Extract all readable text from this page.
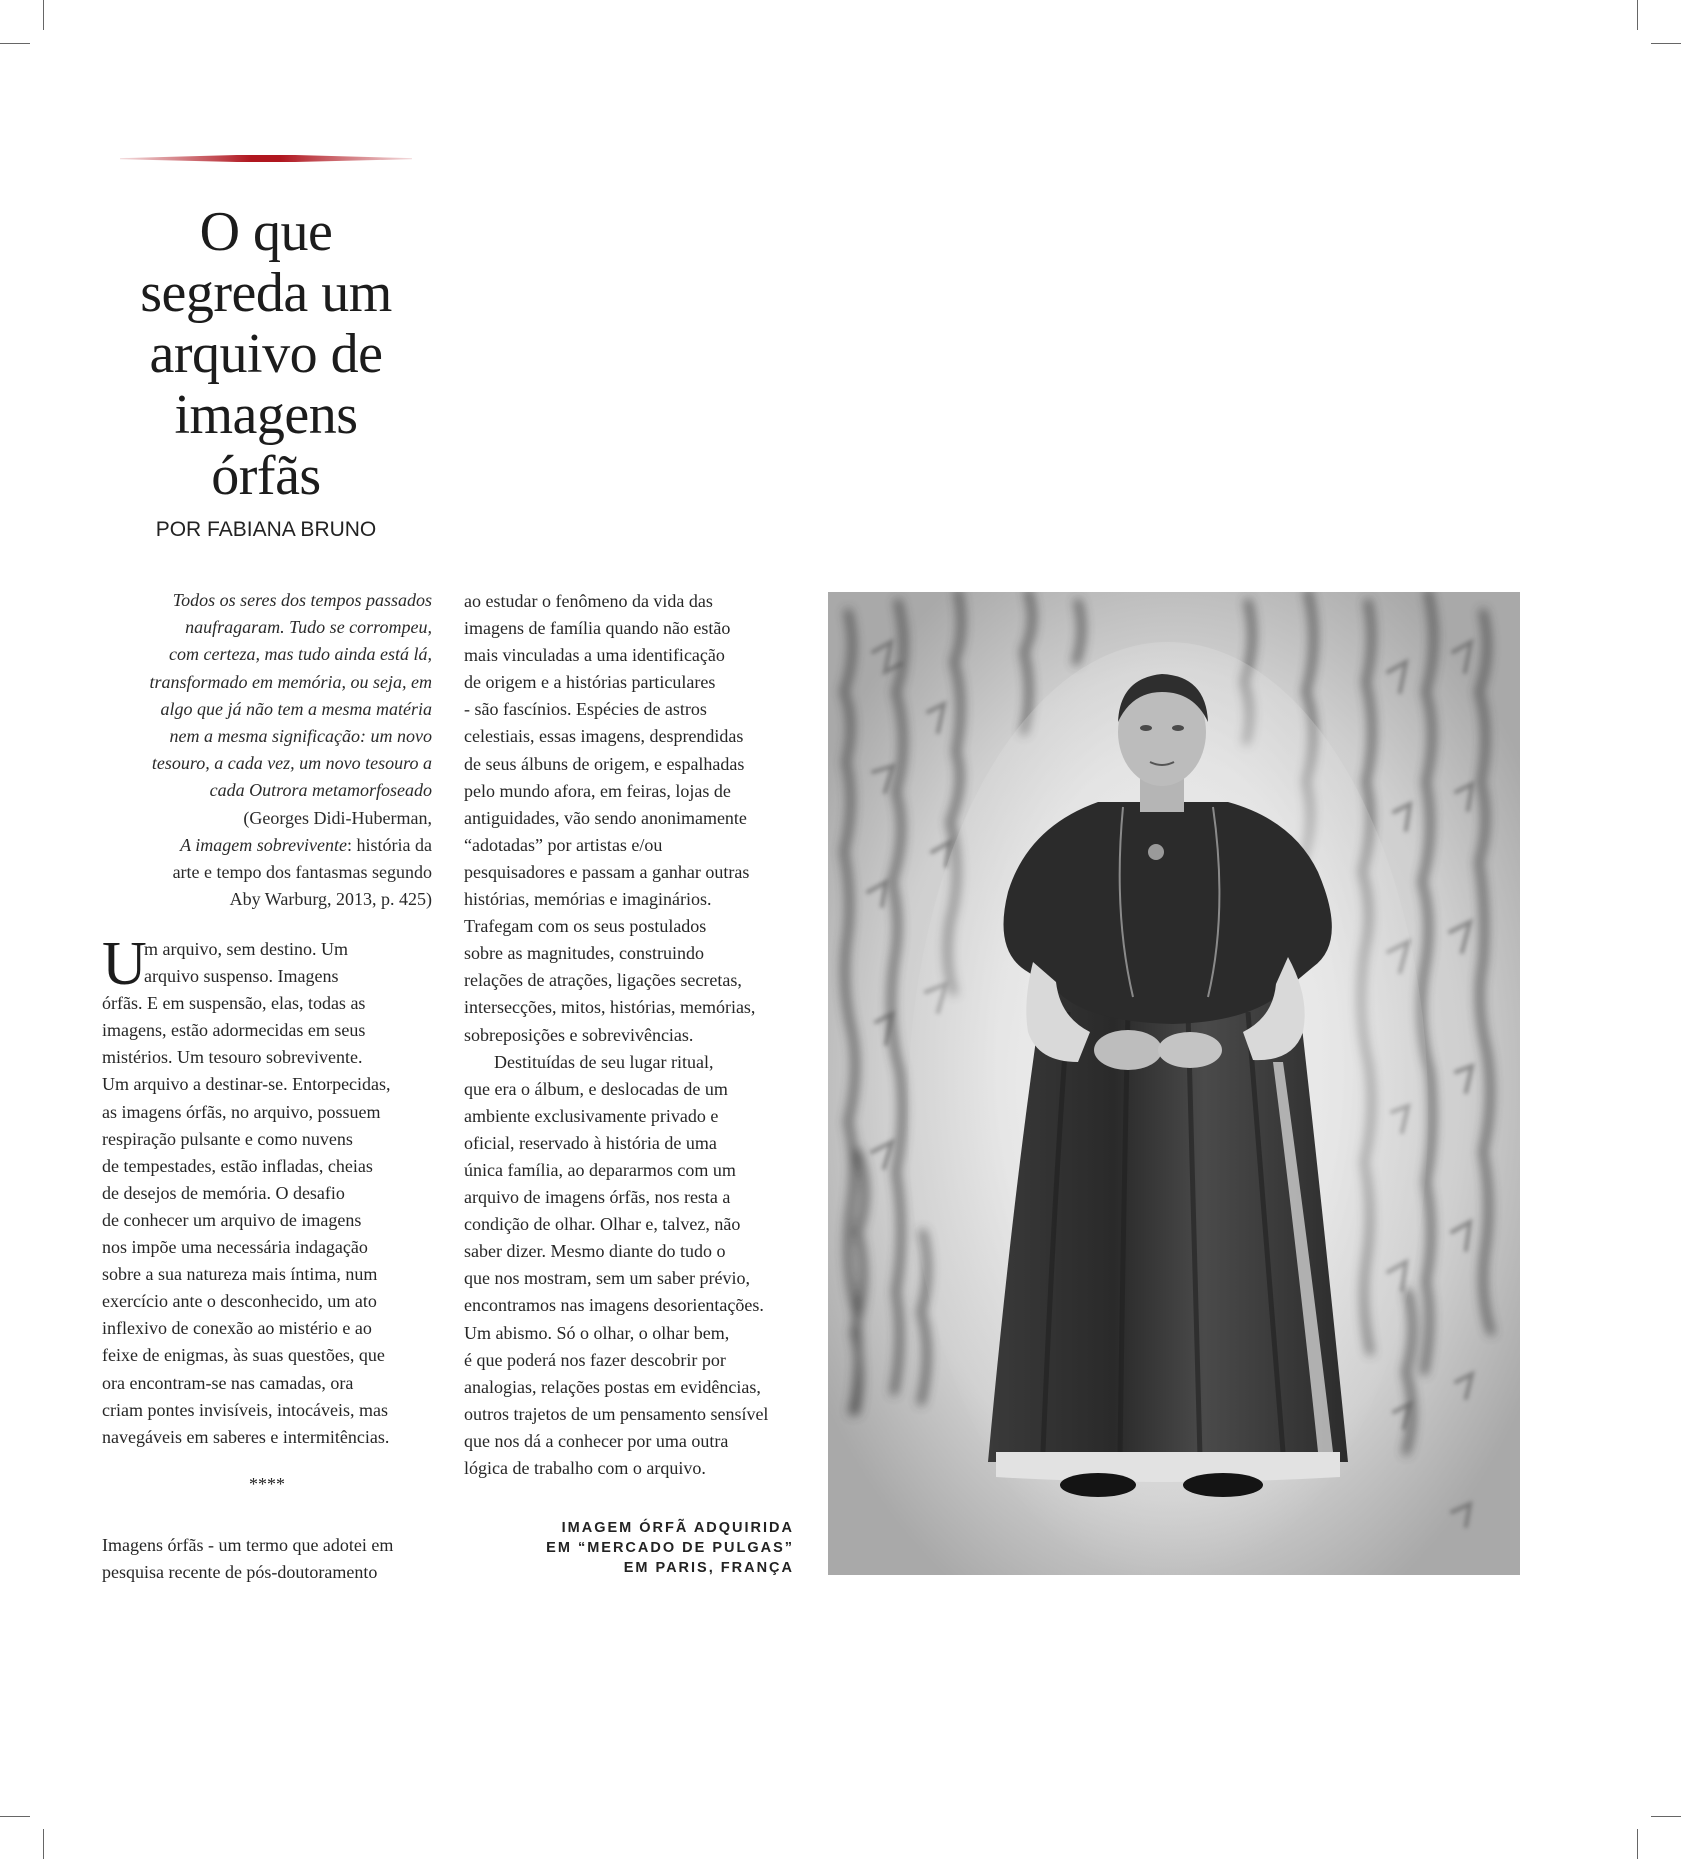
O que
segreda um
arquivo de
imagens
órfãs
POR FABIANA BRUNO
Todos os seres dos tempos passados
naufragaram. Tudo se corrompeu,
com certeza, mas tudo ainda está lá,
transformado em memória, ou seja, em
algo que já não tem a mesma matéria
nem a mesma significação: um novo
tesouro, a cada vez, um novo tesouro a
cada Outrora metamorfoseado
(Georges Didi-Huberman,
A imagem sobrevivente: história da
arte e tempo dos fantasmas segundo
Aby Warburg, 2013, p. 425)
U
m arquivo, sem destino. Um
arquivo suspenso. Imagens
órfãs. E em suspensão, elas, todas as
imagens, estão adormecidas em seus
mistérios. Um tesouro sobrevivente.
Um arquivo a destinar-se. Entorpecidas,
as imagens órfãs, no arquivo, possuem
respiração pulsante e como nuvens
de tempestades, estão infladas, cheias
de desejos de memória. O desafio
de conhecer um arquivo de imagens
nos impõe uma necessária indagação
sobre a sua natureza mais íntima, num
exercício ante o desconhecido, um ato
inflexivo de conexão ao mistério e ao
feixe de enigmas, às suas questões, que
ora encontram-se nas camadas, ora
criam pontes invisíveis, intocáveis, mas
navegáveis em saberes e intermitências.
****
Imagens órfãs - um termo que adotei em
pesquisa recente de pós-doutoramento
ao estudar o fenômeno da vida das
imagens de família quando não estão
mais vinculadas a uma identificação
de origem e a histórias particulares
- são fascínios. Espécies de astros
celestiais, essas imagens, desprendidas
de seus álbuns de origem, e espalhadas
pelo mundo afora, em feiras, lojas de
antiguidades, vão sendo anonimamente
“adotadas” por artistas e/ou
pesquisadores e passam a ganhar outras
histórias, memórias e imaginários.
Trafegam com os seus postulados
sobre as magnitudes, construindo
relações de atrações, ligações secretas,
intersecções, mitos, histórias, memórias,
sobreposições e sobrevivências.
Destituídas de seu lugar ritual,
que era o álbum, e deslocadas de um
ambiente exclusivamente privado e
oficial, reservado à história de uma
única família, ao depararmos com um
arquivo de imagens órfãs, nos resta a
condição de olhar. Olhar e, talvez, não
saber dizer. Mesmo diante do tudo o
que nos mostram, sem um saber prévio,
encontramos nas imagens desorientações.
Um abismo. Só o olhar, o olhar bem,
é que poderá nos fazer descobrir por
analogias, relações postas em evidências,
outros trajetos de um pensamento sensível
que nos dá a conhecer por uma outra
lógica de trabalho com o arquivo.
IMAGEM ÓRFÃ ADQUIRIDA
EM “MERCADO DE PULGAS”
EM PARIS, FRANÇA
